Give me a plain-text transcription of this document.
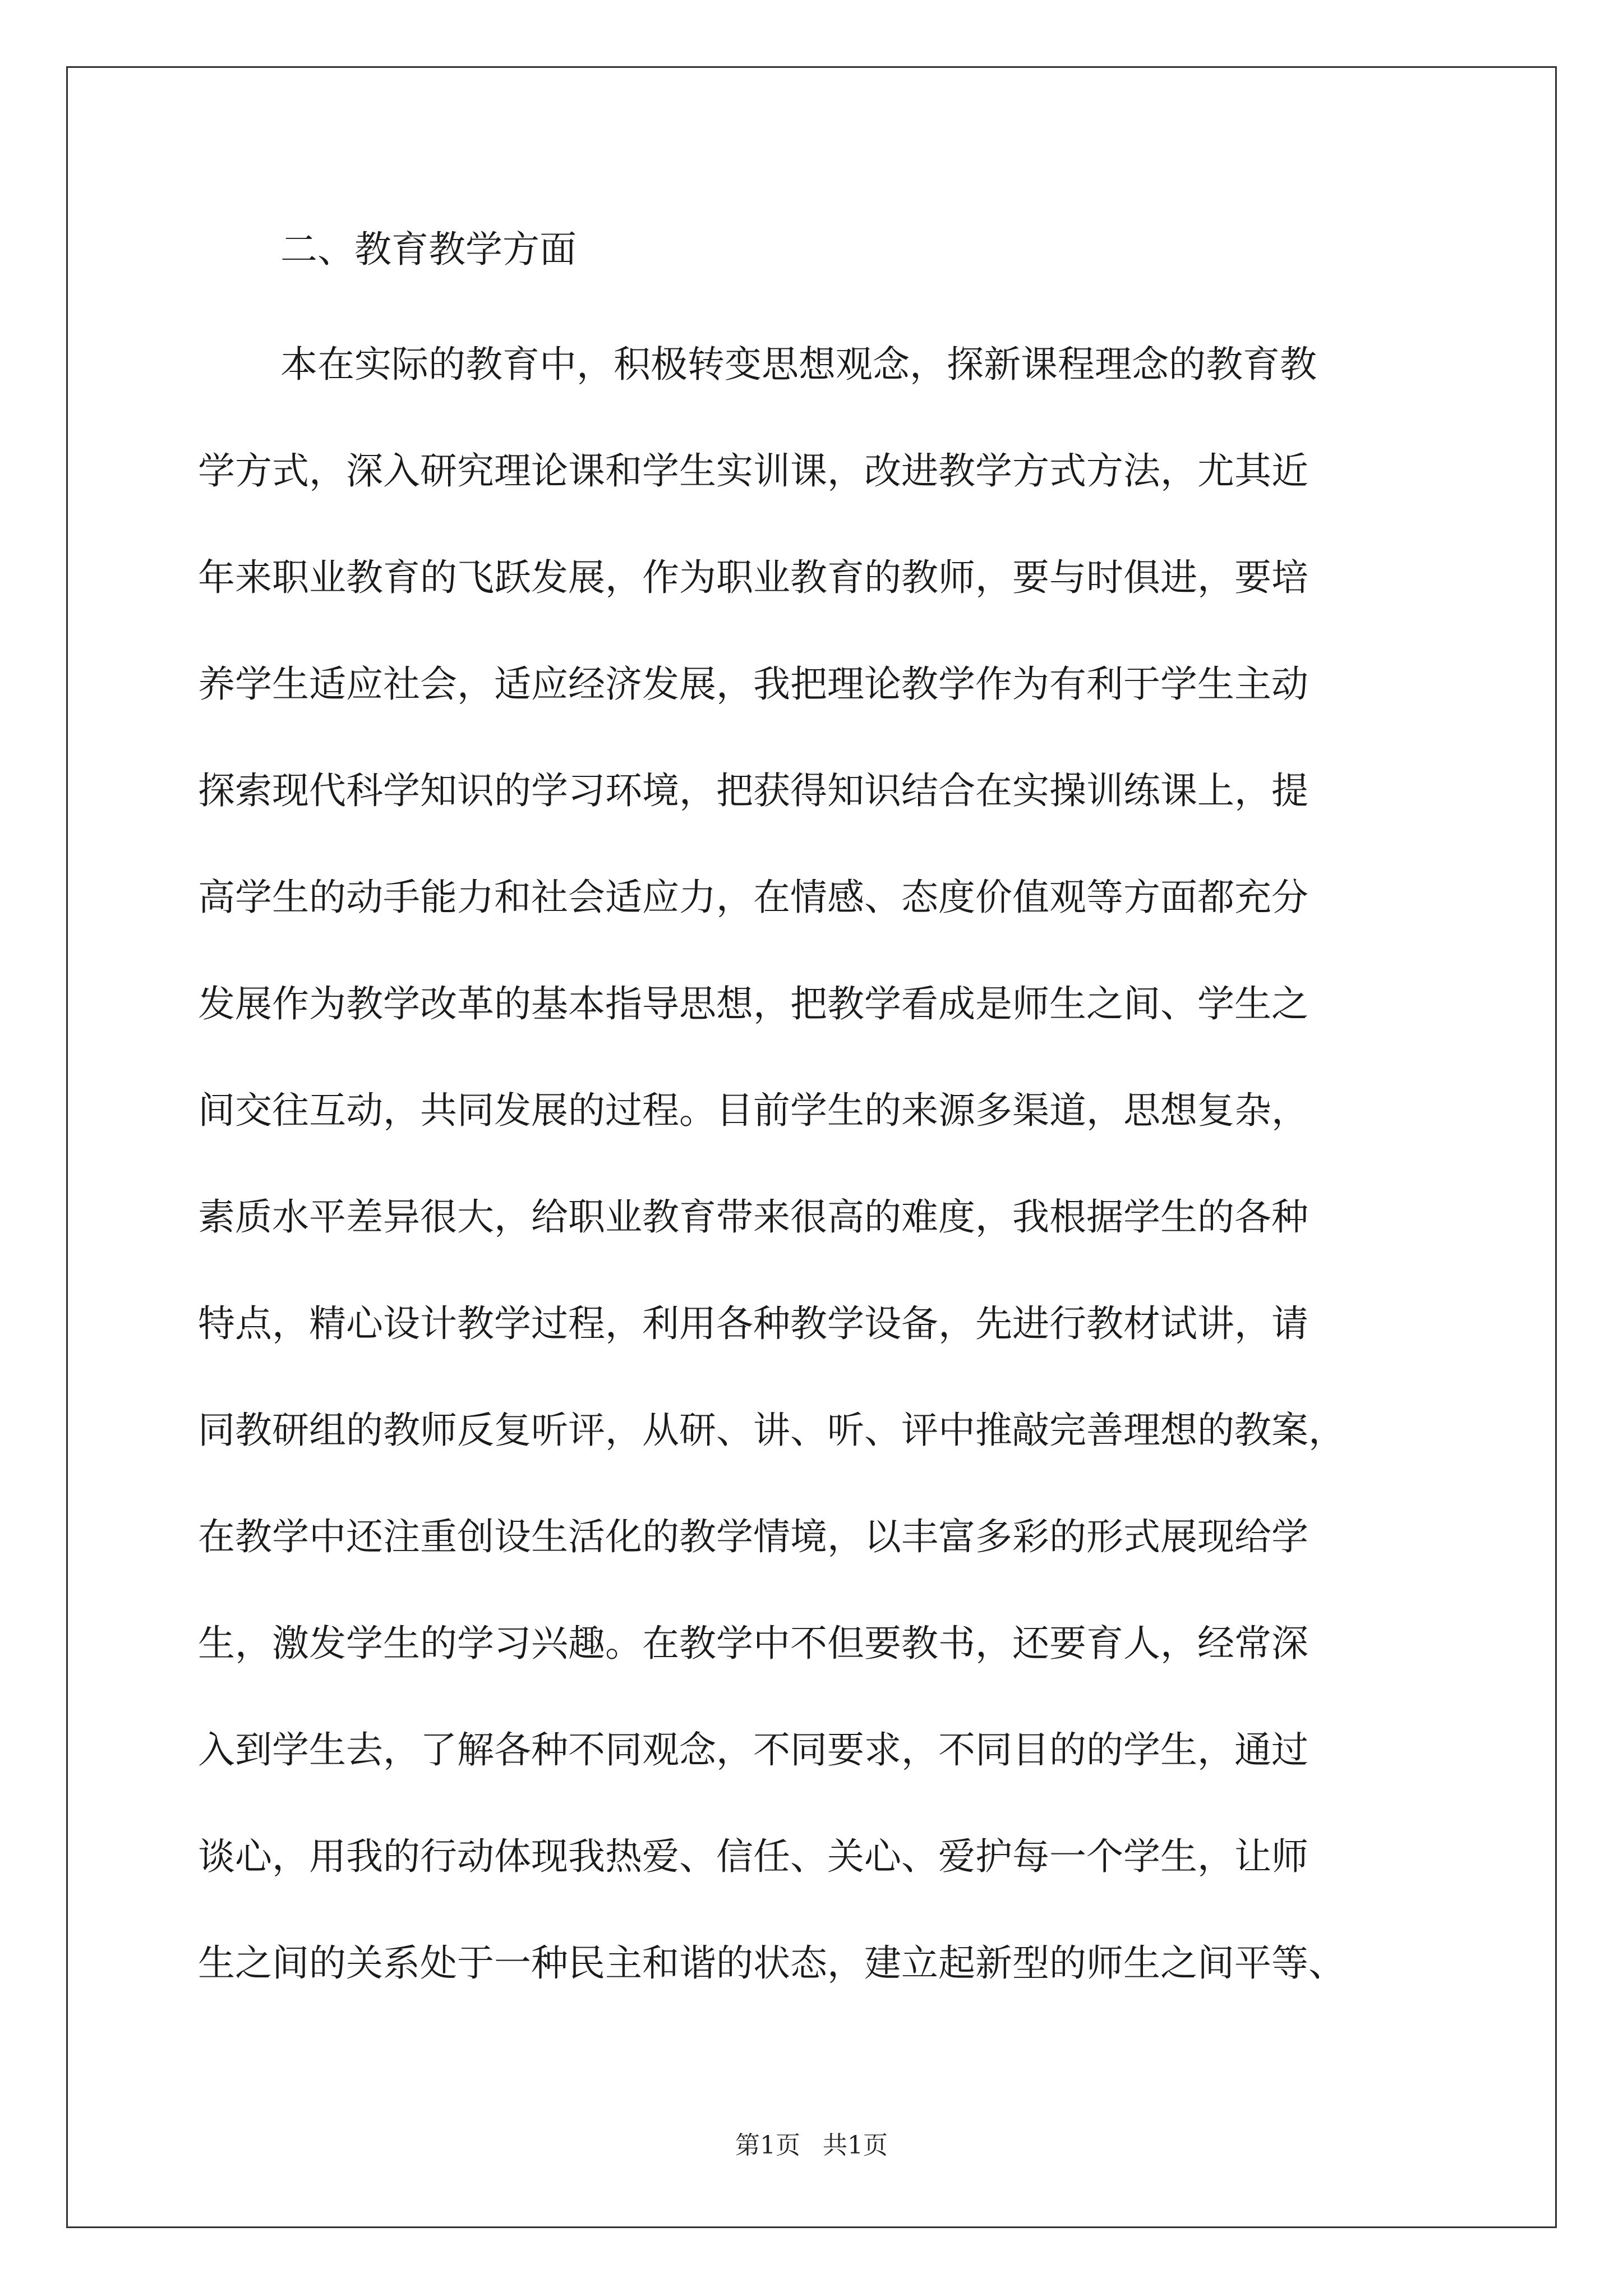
二、教育教学方面
本在实际的教育中，积极转变思想观念，探新课程理念的教育教
学方式，深入研究理论课和学生实训课，改进教学方式方法，尤其近
年来职业教育的飞跃发展，作为职业教育的教师，要与时俱进，要培
养学生适应社会，适应经济发展，我把理论教学作为有利于学生主动
探索现代科学知识的学习环境，把获得知识结合在实操训练课上，提
高学生的动手能力和社会适应力，在情感、态度价值观等方面都充分
发展作为教学改革的基本指导思想，把教学看成是师生之间、学生之
间交往互动，共同发展的过程。目前学生的来源多渠道，思想复杂，
素质水平差异很大，给职业教育带来很高的难度，我根据学生的各种
特点，精心设计教学过程，利用各种教学设备，先进行教材试讲，请
同教研组的教师反复听评，从研、讲、听、评中推敲完善理想的教案，
在教学中还注重创设生活化的教学情境，以丰富多彩的形式展现给学
生，激发学生的学习兴趣。在教学中不但要教书，还要育人，经常深
入到学生去，了解各种不同观念，不同要求，不同目的的学生，通过
谈心，用我的行动体现我热爱、信任、关心、爱护每一个学生，让师
生之间的关系处于一种民主和谐的状态，建立起新型的师生之间平等、
第1页 共1页
